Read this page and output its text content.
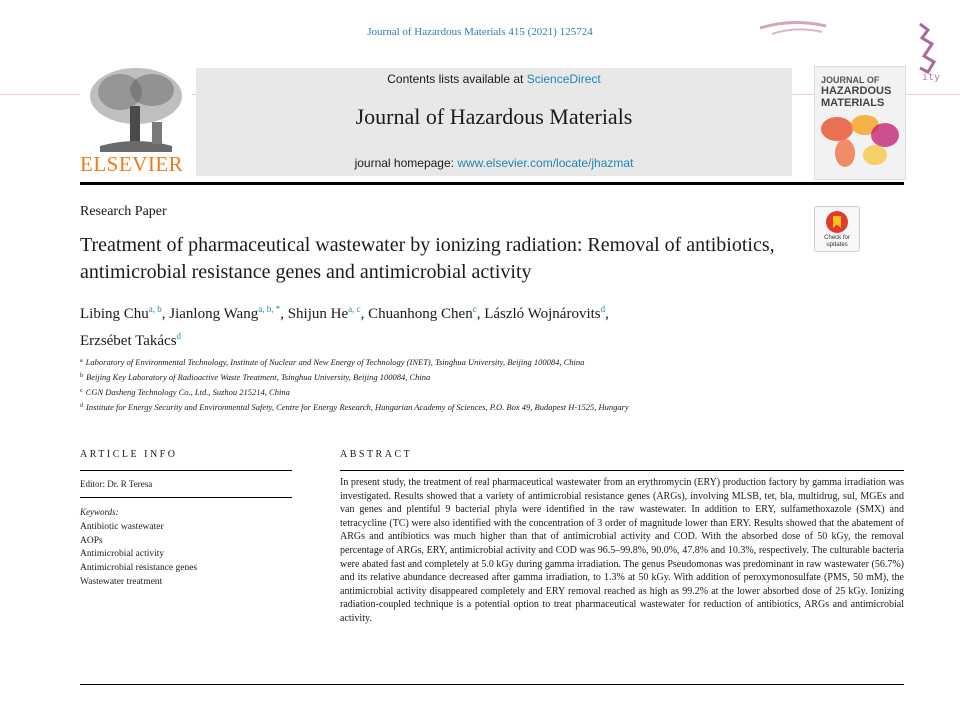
ity
Journal of Hazardous Materials 415 (2021) 125724
ELSEVIER
Contents lists available at ScienceDirect
Journal of Hazardous Materials
journal homepage: www.elsevier.com/locate/jhazmat
JOURNAL OF
HAZARDOUS MATERIALS
Research Paper
Treatment of pharmaceutical wastewater by ionizing radiation: Removal of antibiotics, antimicrobial resistance genes and antimicrobial activity
Check for updates
Libing Chu$^{a, b}$, Jianlong Wang$^{a, b, *}$, Shijun He$^{a, c}$, Chuanhong Chen$^c$, László Wojnárovits$^d$,
Erzsébet Takács$^d$
$^a$ Laboratory of Environmental Technology, Institute of Nuclear and New Energy of Technology (INET), Tsinghua University, Beijing 100084, China
$^b$ Beijing Key Laboratory of Radioactive Waste Treatment, Tsinghua University, Beijing 100084, China
$^c$ CGN Dasheng Technology Co., Ltd., Suzhou 215214, China
$^d$ Institute for Energy Security and Environmental Safety, Centre for Energy Research, Hungarian Academy of Sciences, P.O. Box 49, Budapest H-1525, Hungary
ARTICLE INFO
Editor: Dr. R Teresa
Keywords:
Antibiotic wastewater
AOPs
Antimicrobial activity
Antimicrobial resistance genes
Wastewater treatment
ABSTRACT
In present study, the treatment of real pharmaceutical wastewater from an erythromycin (ERY) production factory by gamma irradiation was investigated. Results showed that a variety of antimicrobial resistance genes (ARGs), involving MLSB, tet, bla, multidrug, sul, MGEs and van genes and plentiful 9 bacterial phyla were identified in the raw wastewater. In addition to ERY, sulfamethoxazole (SMX) and tetracycline (TC) were also identified with the concentration of 3 order of magnitude lower than ERY. Results showed that the abatement of ARGs and antibiotics was much higher than that of antimicrobial activity and COD. With the absorbed dose of 50 kGy, the removal percentage of ARGs, ERY, antimicrobial activity and COD was 96.5–99.8%, 90.0%, 47.8% and 10.3%, respectively. The culturable bacteria were abated fast and completely at 5.0 kGy during gamma irradiation. The genus Pseudomonas was predominant in raw wastewater (56.7%) and its relative abundance decreased after gamma irradiation, to 1.3% at 50 kGy. With addition of peroxymonosulfate (PMS, 50 mM), the antimicrobial activity disappeared completely and ERY removal reached as high as 99.2% at the lower absorbed dose of 25 kGy. Ionizing radiation-coupled technique is a potential option to treat pharmaceutical wastewater for reduction of antibiotics, ARGs and antimicrobial activity.
